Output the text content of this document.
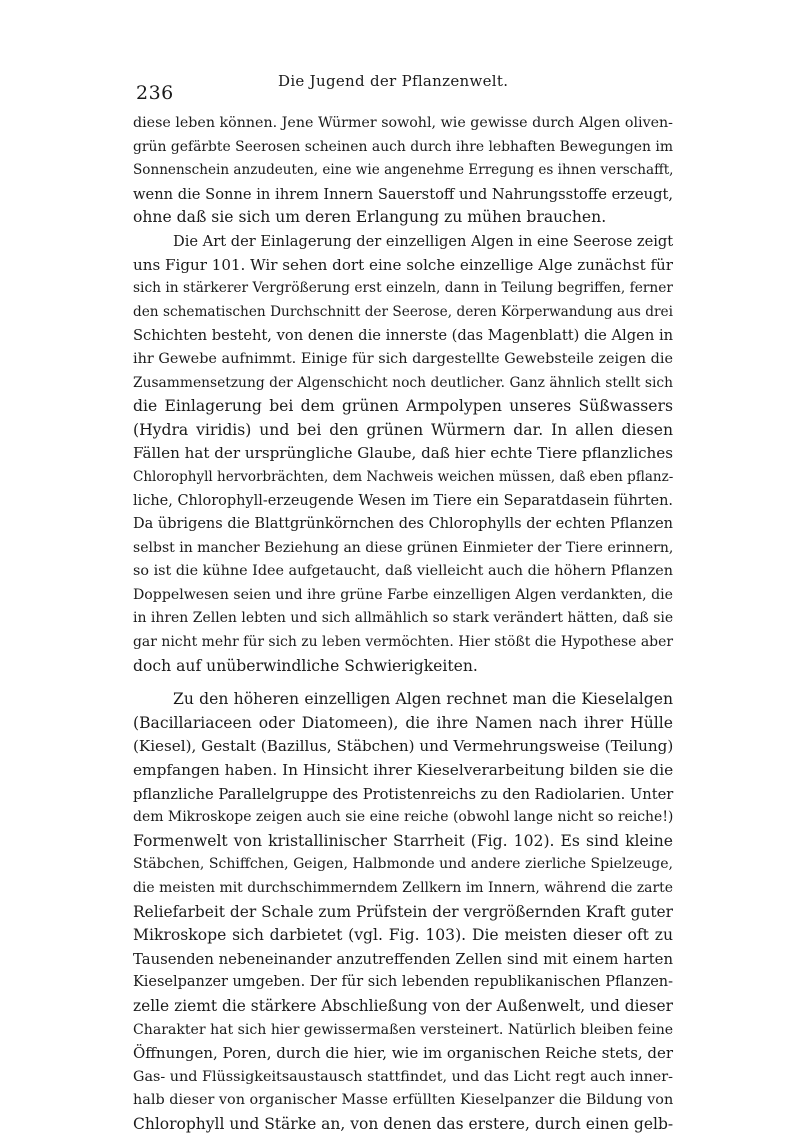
236
Die Jugend der Pflanzenwelt.
diese leben können. Jene Würmer sowohl, wie gewisse durch Algen oliven-
grün gefärbte Seerosen scheinen auch durch ihre lebhaften Bewegungen im
Sonnenschein anzudeuten, eine wie angenehme Erregung es ihnen verschafft,
wenn die Sonne in ihrem Innern Sauerstoff und Nahrungsstoffe erzeugt,
ohne daß sie sich um deren Erlangung zu mühen brauchen.
Die Art der Einlagerung der einzelligen Algen in eine Seerose zeigt
uns Figur 101. Wir sehen dort eine solche einzellige Alge zunächst für
sich in stärkerer Vergrößerung erst einzeln, dann in Teilung begriffen, ferner
den schematischen Durchschnitt der Seerose, deren Körperwandung aus drei
Schichten besteht, von denen die innerste (das Magenblatt) die Algen in
ihr Gewebe aufnimmt. Einige für sich dargestellte Gewebsteile zeigen die
Zusammensetzung der Algenschicht noch deutlicher. Ganz ähnlich stellt sich
die Einlagerung bei dem grünen Armpolypen unseres Süßwassers
(Hydra viridis) und bei den grünen Würmern dar. In allen diesen
Fällen hat der ursprüngliche Glaube, daß hier echte Tiere pflanzliches
Chlorophyll hervorbrächten, dem Nachweis weichen müssen, daß eben pflanz-
liche, Chlorophyll-erzeugende Wesen im Tiere ein Separatdasein führten.
Da übrigens die Blattgrünkörnchen des Chlorophylls der echten Pflanzen
selbst in mancher Beziehung an diese grünen Einmieter der Tiere erinnern,
so ist die kühne Idee aufgetaucht, daß vielleicht auch die höhern Pflanzen
Doppelwesen seien und ihre grüne Farbe einzelligen Algen verdankten, die
in ihren Zellen lebten und sich allmählich so stark verändert hätten, daß sie
gar nicht mehr für sich zu leben vermöchten. Hier stößt die Hypothese aber
doch auf unüberwindliche Schwierigkeiten.
Zu den höheren einzelligen Algen rechnet man die Kieselalgen
(Bacillariaceen oder Diatomeen), die ihre Namen nach ihrer Hülle
(Kiesel), Gestalt (Bazillus, Stäbchen) und Vermehrungsweise (Teilung)
empfangen haben. In Hinsicht ihrer Kieselverarbeitung bilden sie die
pflanzliche Parallelgruppe des Protistenreichs zu den Radiolarien. Unter
dem Mikroskope zeigen auch sie eine reiche (obwohl lange nicht so reiche!)
Formenwelt von kristallinischer Starrheit (Fig. 102). Es sind kleine
Stäbchen, Schiffchen, Geigen, Halbmonde und andere zierliche Spielzeuge,
die meisten mit durchschimmerndem Zellkern im Innern, während die zarte
Reliefarbeit der Schale zum Prüfstein der vergrößernden Kraft guter
Mikroskope sich darbietet (vgl. Fig. 103). Die meisten dieser oft zu
Tausenden nebeneinander anzutreffenden Zellen sind mit einem harten
Kieselpanzer umgeben. Der für sich lebenden republikanischen Pflanzen-
zelle ziemt die stärkere Abschließung von der Außenwelt, und dieser
Charakter hat sich hier gewissermaßen versteinert. Natürlich bleiben feine
Öffnungen, Poren, durch die hier, wie im organischen Reiche stets, der
Gas- und Flüssigkeitsaustausch stattfindet, und das Licht regt auch inner-
halb dieser von organischer Masse erfüllten Kieselpanzer die Bildung von
Chlorophyll und Stärke an, von denen das erstere, durch einen gelb-
